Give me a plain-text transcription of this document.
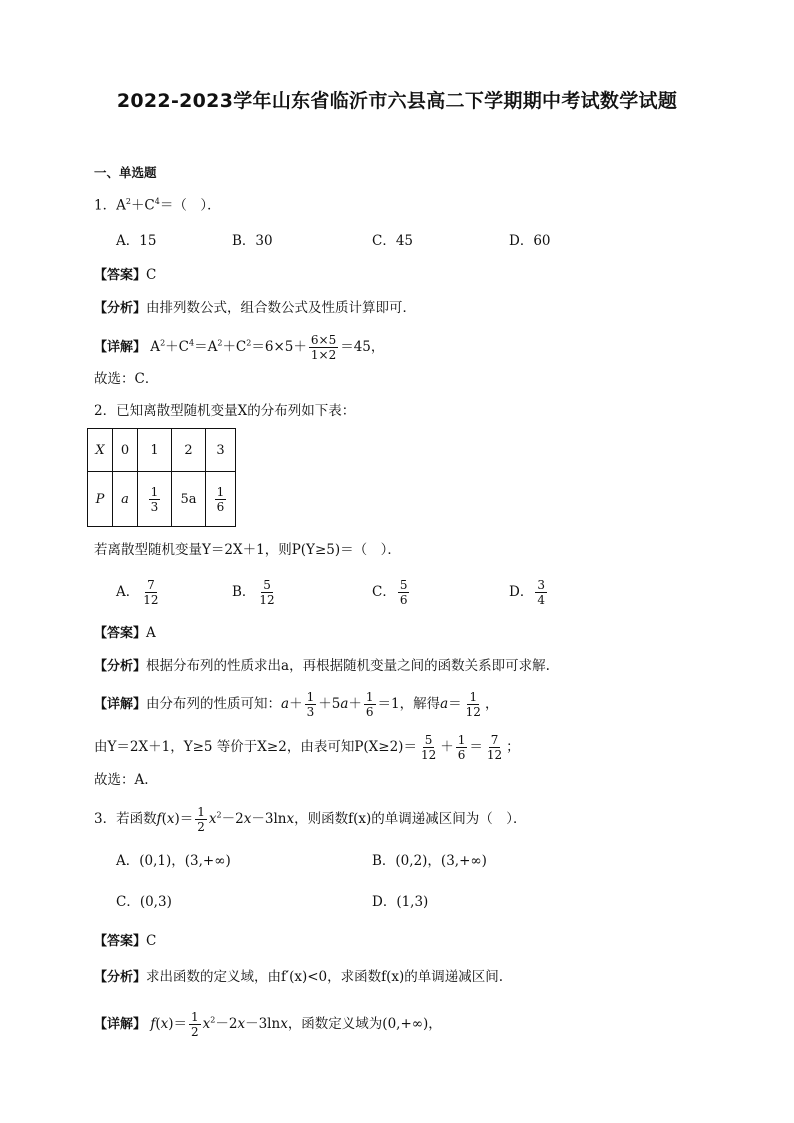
2022-2023学年山东省临沂市六县高二下学期期中考试数学试题
一、单选题
1．$A^2+C^4=$（　）．
A．15	B．30	C．45	D．60
【答案】C
【分析】由排列数公式，组合数公式及性质计算即可．
【详解】 $A^2+C^4=A^2+C^2=6\times 5+ \frac{6\times 5}{1\times 2} =45$，
故选：C．
2．已知离散型随机变量X的分布列如下表：
X	0	1	2	3
P	a	$\frac{1}{3}$	5a	$\frac{1}{6}$
若离散型随机变量Y＝2X＋1，则P(Y≥5)＝（　）．
A． $\frac{7}{12}$	B． $\frac{5}{12}$	C． $\frac{5}{6}$	D． $\frac{3}{4}$
【答案】A
【分析】根据分布列的性质求出a，再根据随机变量之间的函数关系即可求解.
【详解】由分布列的性质可知：$a+ \frac{1}{3} +5a+ \frac{1}{6} =1$，解得$a= \frac{1}{12}$ ，
由Y＝2X＋1，Y≥5 等价于X≥2，由表可知$P(X\ge 2)= \frac{5}{12} + \frac{1}{6} = \frac{7}{12}$ ；
故选：A.
3．若函数$f(x)= \frac{1}{2} x^2-2x-3\ln x$，则函数f(x)的单调递减区间为（　）．
A．(0,1)，(3,+∞)	B．(0,2)，(3,+∞)
C．(0,3)	D．(1,3)
【答案】C
【分析】求出函数的定义域，由f′(x)<0，求函数f(x)的单调递减区间.
【详解】 $f(x)= \frac{1}{2} x^2-2x-3\ln x$，函数定义域为(0,+∞)，
